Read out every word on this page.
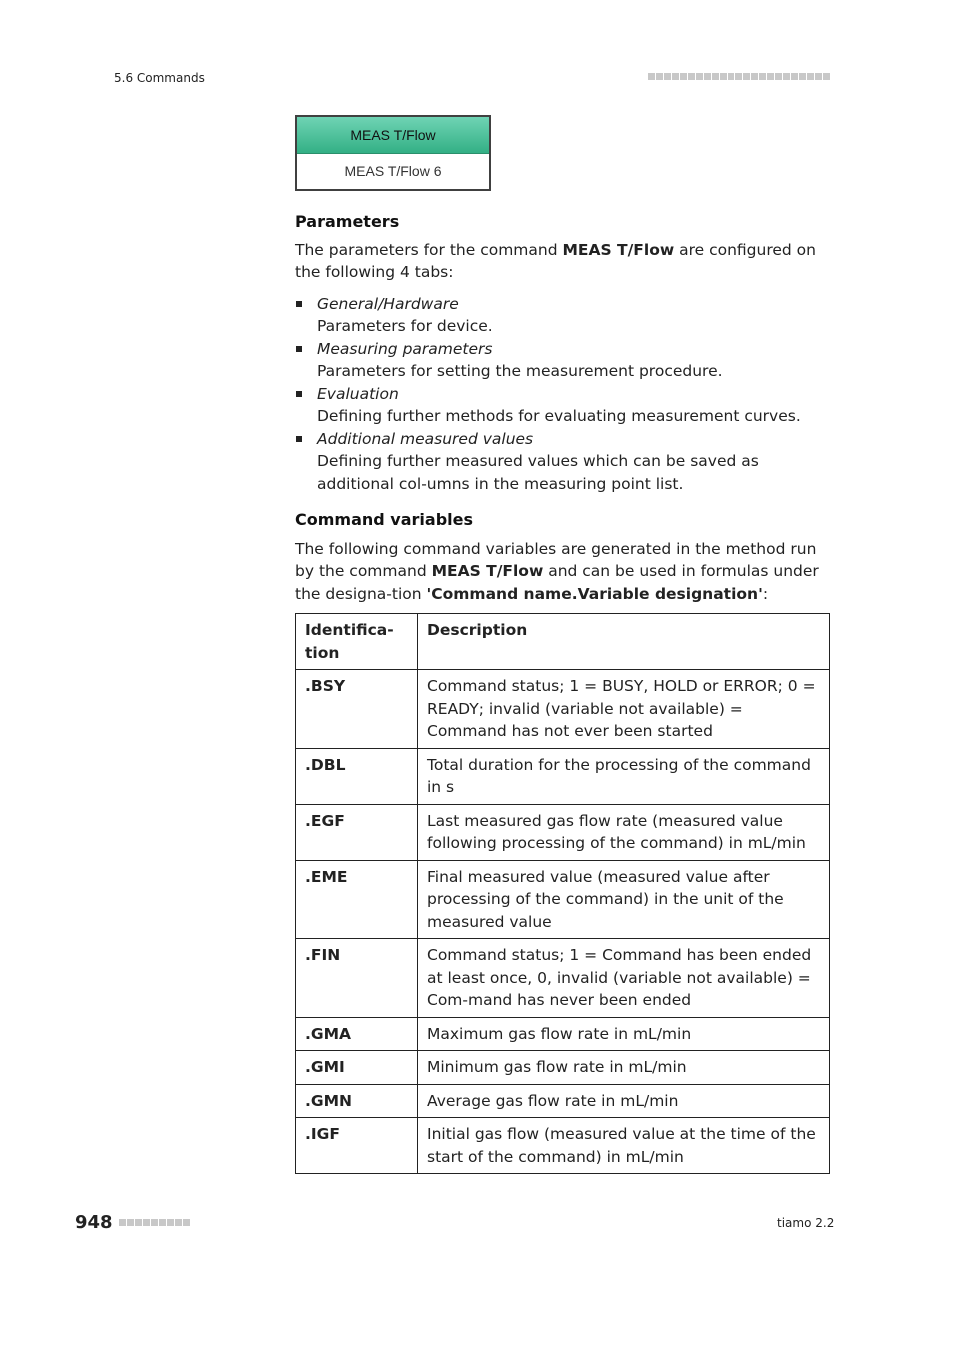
5.6 Commands
MEAS T/Flow
MEAS T/Flow 6
Parameters

The parameters for the command MEAS T/Flow are configured on the following 4 tabs:

General/Hardware
Parameters for device.
Measuring parameters
Parameters for setting the measurement procedure.
Evaluation
Defining further methods for evaluating measurement curves.
Additional measured values
Defining further measured values which can be saved as additional col-umns in the measuring point list.
Command variables

The following command variables are generated in the method run by the command MEAS T/Flow and can be used in formulas under the designa-tion 'Command name.Variable designation':

Identifica-tion	Description
.BSY	Command status; 1 = BUSY, HOLD or ERROR; 0 = READY; invalid (variable not available) = Command has not ever been started
.DBL	Total duration for the processing of the command in s
.EGF	Last measured gas flow rate (measured value following processing of the command) in mL/min
.EME	Final measured value (measured value after processing of the command) in the unit of the measured value
.FIN	Command status; 1 = Command has been ended at least once, 0, invalid (variable not available) = Com-mand has never been ended
.GMA	Maximum gas flow rate in mL/min
.GMI	Minimum gas flow rate in mL/min
.GMN	Average gas flow rate in mL/min
.IGF	Initial gas flow (measured value at the time of the start of the command) in mL/min
948	tiamo 2.2
